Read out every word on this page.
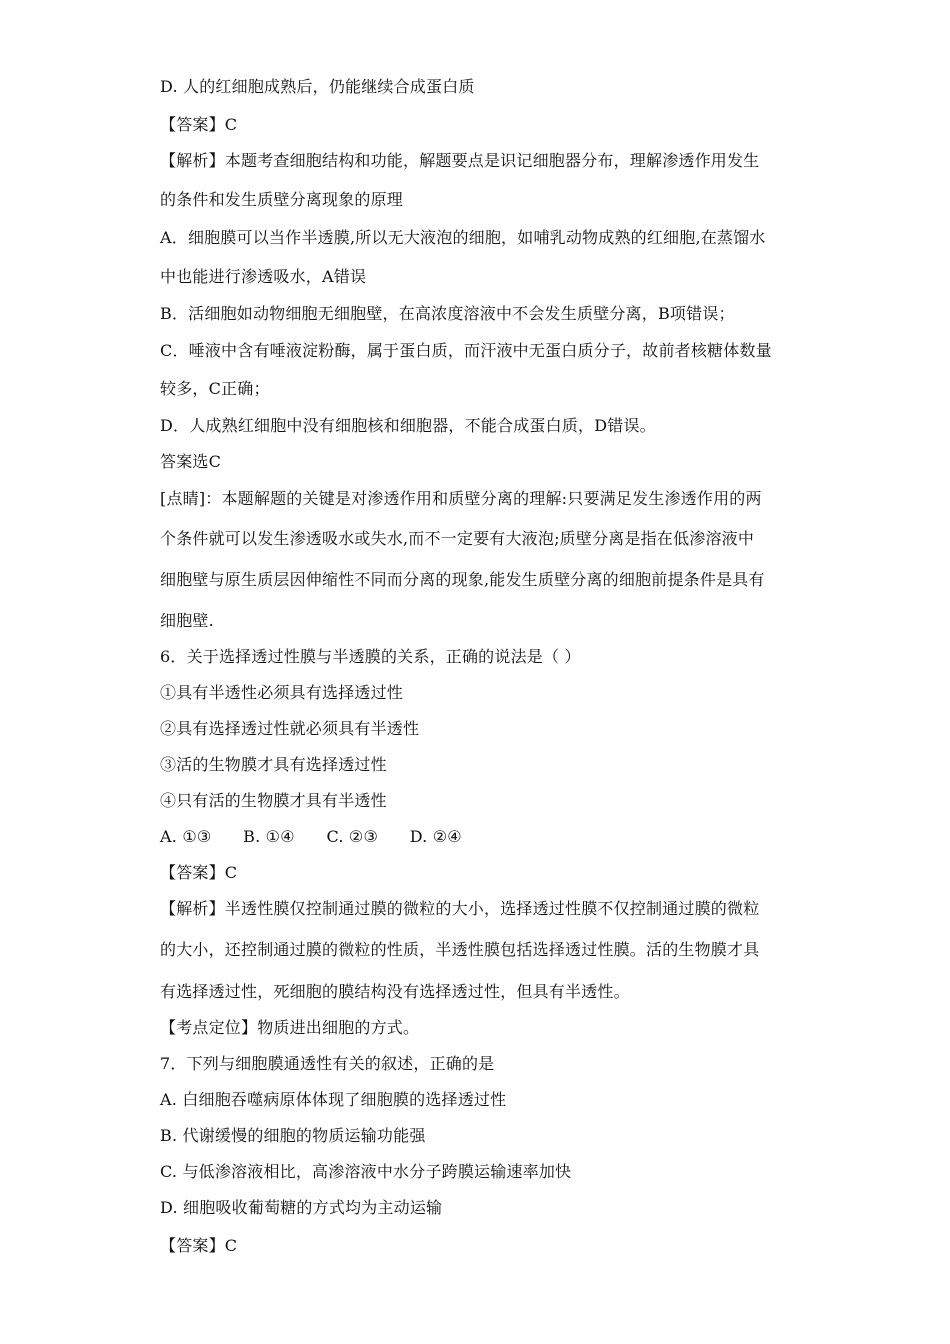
D. 人的红细胞成熟后，仍能继续合成蛋白质
【答案】C
【解析】本题考查细胞结构和功能，解题要点是识记细胞器分布，理解渗透作用发生
的条件和发生质壁分离现象的原理
A．细胞膜可以当作半透膜,所以无大液泡的细胞，如哺乳动物成熟的红细胞,在蒸馏水
中也能进行渗透吸水，A错误
B．活细胞如动物细胞无细胞壁，在高浓度溶液中不会发生质壁分离，B项错误；
C．唾液中含有唾液淀粉酶，属于蛋白质，而汗液中无蛋白质分子，故前者核糖体数量
较多，C正确；
D．人成熟红细胞中没有细胞核和细胞器，不能合成蛋白质，D错误。
答案选C
[点睛]：本题解题的关键是对渗透作用和质壁分离的理解:只要满足发生渗透作用的两
个条件就可以发生渗透吸水或失水,而不一定要有大液泡;质壁分离是指在低渗溶液中
细胞壁与原生质层因伸缩性不同而分离的现象,能发生质壁分离的细胞前提条件是具有
细胞壁.
6．关于选择透过性膜与半透膜的关系，正确的说法是（ ）
①具有半透性必须具有选择透过性
②具有选择透过性就必须具有半透性
③活的生物膜才具有选择透过性
④只有活的生物膜才具有半透性
A. ①③      B. ①④      C. ②③      D. ②④
【答案】C
【解析】半透性膜仅控制通过膜的微粒的大小，选择透过性膜不仅控制通过膜的微粒
的大小，还控制通过膜的微粒的性质，半透性膜包括选择透过性膜。活的生物膜才具
有选择透过性，死细胞的膜结构没有选择透过性，但具有半透性。
【考点定位】物质进出细胞的方式。
7．下列与细胞膜通透性有关的叙述，正确的是
A. 白细胞吞噬病原体体现了细胞膜的选择透过性
B. 代谢缓慢的细胞的物质运输功能强
C. 与低渗溶液相比，高渗溶液中水分子跨膜运输速率加快
D. 细胞吸收葡萄糖的方式均为主动运输
【答案】C
